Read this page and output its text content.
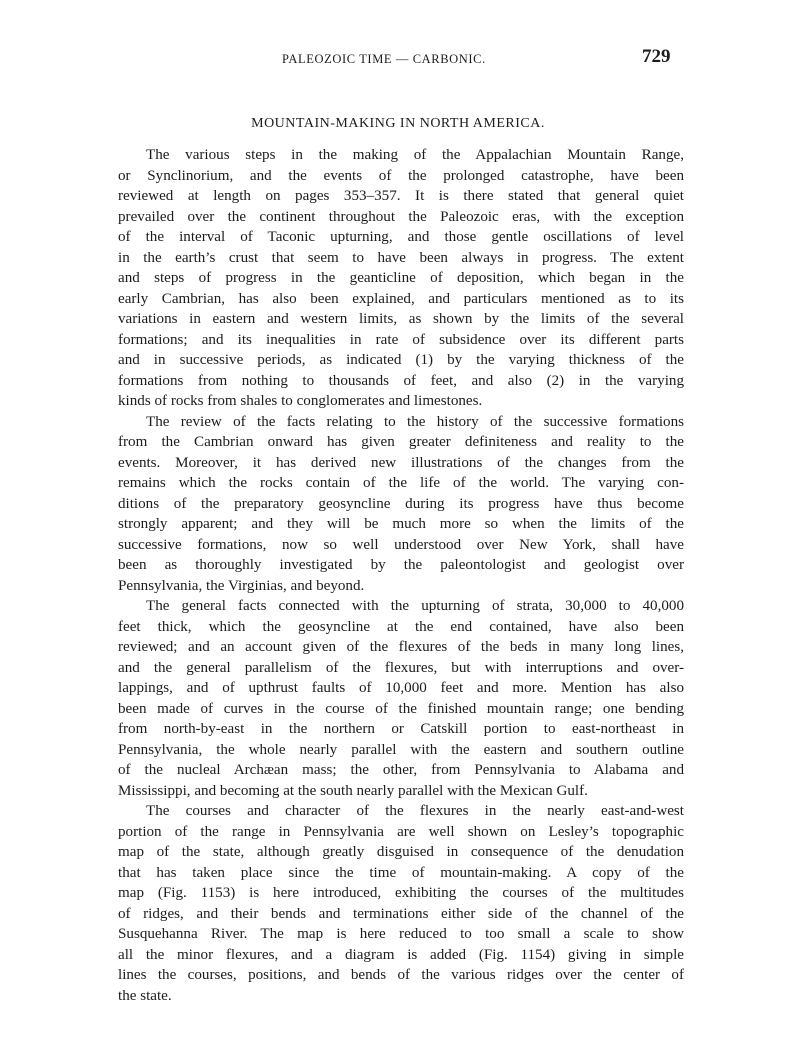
PALEOZOIC TIME — CARBONIC.	729
MOUNTAIN-MAKING IN NORTH AMERICA.

The various steps in the making of the Appalachian Mountain Range,
or Synclinorium, and the events of the prolonged catastrophe, have been
reviewed at length on pages 353–357. It is there stated that general quiet
prevailed over the continent throughout the Paleozoic eras, with the exception
of the interval of Taconic upturning, and those gentle oscillations of level
in the earth’s crust that seem to have been always in progress. The extent
and steps of progress in the geanticline of deposition, which began in the
early Cambrian, has also been explained, and particulars mentioned as to its
variations in eastern and western limits, as shown by the limits of the several
formations; and its inequalities in rate of subsidence over its different parts
and in successive periods, as indicated (1) by the varying thickness of the
formations from nothing to thousands of feet, and also (2) in the varying
kinds of rocks from shales to conglomerates and limestones.

The review of the facts relating to the history of the successive formations
from the Cambrian onward has given greater definiteness and reality to the
events. Moreover, it has derived new illustrations of the changes from the
remains which the rocks contain of the life of the world. The varying con-
ditions of the preparatory geosyncline during its progress have thus become
strongly apparent; and they will be much more so when the limits of the
successive formations, now so well understood over New York, shall have
been as thoroughly investigated by the paleontologist and geologist over
Pennsylvania, the Virginias, and beyond.

The general facts connected with the upturning of strata, 30,000 to 40,000
feet thick, which the geosyncline at the end contained, have also been
reviewed; and an account given of the flexures of the beds in many long lines,
and the general parallelism of the flexures, but with interruptions and over-
lappings, and of upthrust faults of 10,000 feet and more. Mention has also
been made of curves in the course of the finished mountain range; one bending
from north-by-east in the northern or Catskill portion to east-northeast in
Pennsylvania, the whole nearly parallel with the eastern and southern outline
of the nucleal Archæan mass; the other, from Pennsylvania to Alabama and
Mississippi, and becoming at the south nearly parallel with the Mexican Gulf.

The courses and character of the flexures in the nearly east-and-west
portion of the range in Pennsylvania are well shown on Lesley’s topographic
map of the state, although greatly disguised in consequence of the denudation
that has taken place since the time of mountain-making. A copy of the
map (Fig. 1153) is here introduced, exhibiting the courses of the multitudes
of ridges, and their bends and terminations either side of the channel of the
Susquehanna River. The map is here reduced to too small a scale to show
all the minor flexures, and a diagram is added (Fig. 1154) giving in simple
lines the courses, positions, and bends of the various ridges over the center of
the state.
